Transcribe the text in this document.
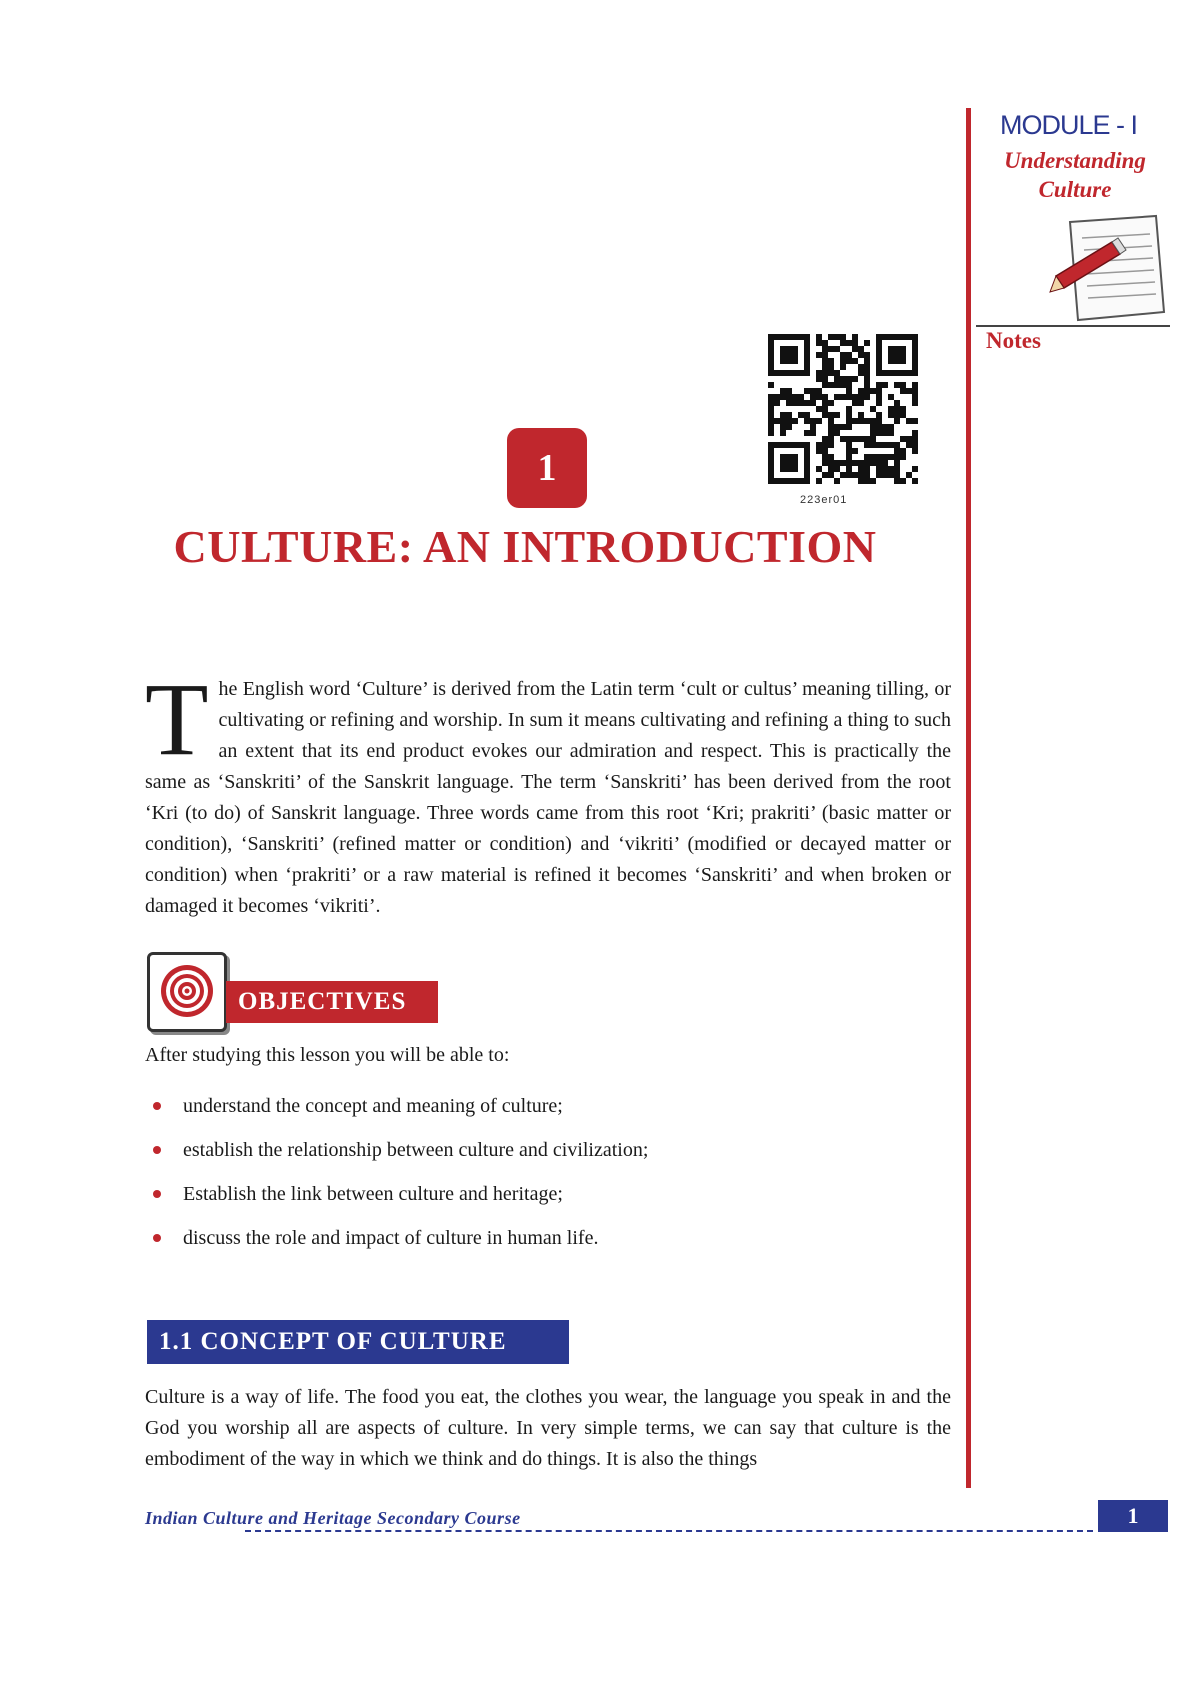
MODULE - I
Understanding
Culture
Notes
223er01
1
CULTURE: AN INTRODUCTION
The English word ‘Culture’ is derived from the Latin term ‘cult or cultus’ meaning tilling, or cultivating or refining and worship. In sum it means cultivating and refining a thing to such an extent that its end product evokes our admiration and respect. This is practically the same as ‘Sanskriti’ of the Sanskrit language. The term ‘Sanskriti’ has been derived from the root ‘Kri (to do) of Sanskrit language. Three words came from this root ‘Kri; prakriti’ (basic matter or condition), ‘Sanskriti’ (refined matter or condition) and ‘vikriti’ (modified or decayed matter or condition) when ‘prakriti’ or a raw material is refined it becomes ‘Sanskriti’ and when broken or damaged it becomes ‘vikriti’.
OBJECTIVES
After studying this lesson you will be able to:
understand the concept and meaning of culture;
establish the relationship between culture and civilization;
Establish the link between culture and heritage;
discuss the role and impact of culture in human life.
1.1 CONCEPT OF CULTURE
Culture is a way of life. The food you eat, the clothes you wear, the language you speak in and the God you worship all are aspects of culture. In very simple terms, we can say that culture is the embodiment of the way in which we think and do things. It is also the things
Indian Culture and Heritage Secondary Course	1
